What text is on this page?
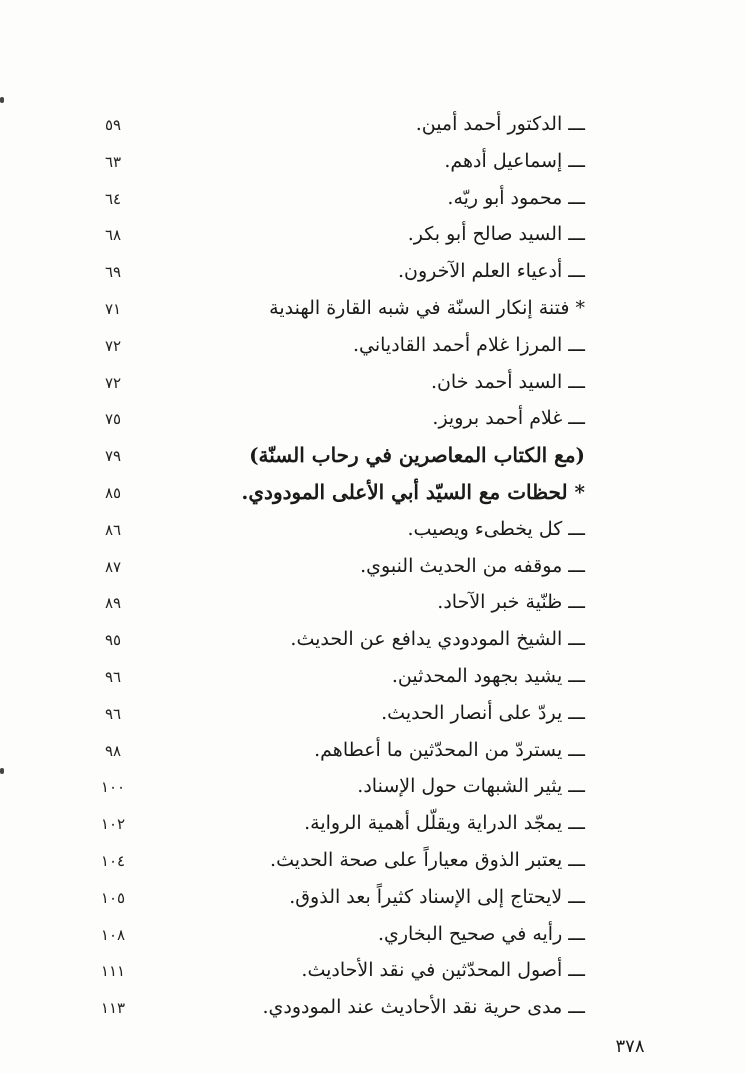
ـــ الدكتور أحمد أمين.
٥٩
ـــ إسماعيل أدهم.
٦٣
ـــ محمود أبو ريّه.
٦٤
ـــ السيد صالح أبو بكر.
٦٨
ـــ أدعياء العلم الآخرون.
٦٩
* فتنة إنكار السنّة في شبه القارة الهندية
٧١
ـــ المرزا غلام أحمد القادياني.
٧٢
ـــ السيد أحمد خان.
٧٢
ـــ غلام أحمد برويز.
٧٥
(مع الكتاب المعاصرين في رحاب السنّة)
٧٩
* لحظات مع السيّد أبي الأعلى المودودي.
٨٥
ـــ كل يخطىء ويصيب.
٨٦
ـــ موقفه من الحديث النبوي.
٨٧
ـــ ظنّية خبر الآحاد.
٨٩
ـــ الشيخ المودودي يدافع عن الحديث.
٩٥
ـــ يشيد بجهود المحدثين.
٩٦
ـــ يردّ على أنصار الحديث.
٩٦
ـــ يستردّ من المحدّثين ما أعطاهم.
٩٨
ـــ يثير الشبهات حول الإسناد.
١٠٠
ـــ يمجّد الدراية ويقلّل أهمية الرواية.
١٠٢
ـــ يعتبر الذوق معياراً على صحة الحديث.
١٠٤
ـــ لايحتاج إلى الإسناد كثيراً بعد الذوق.
١٠٥
ـــ رأيه في صحيح البخاري.
١٠٨
ـــ أصول المحدّثين في نقد الأحاديث.
١١١
ـــ مدى حرية نقد الأحاديث عند المودودي.
١١٣
٣٧٨
